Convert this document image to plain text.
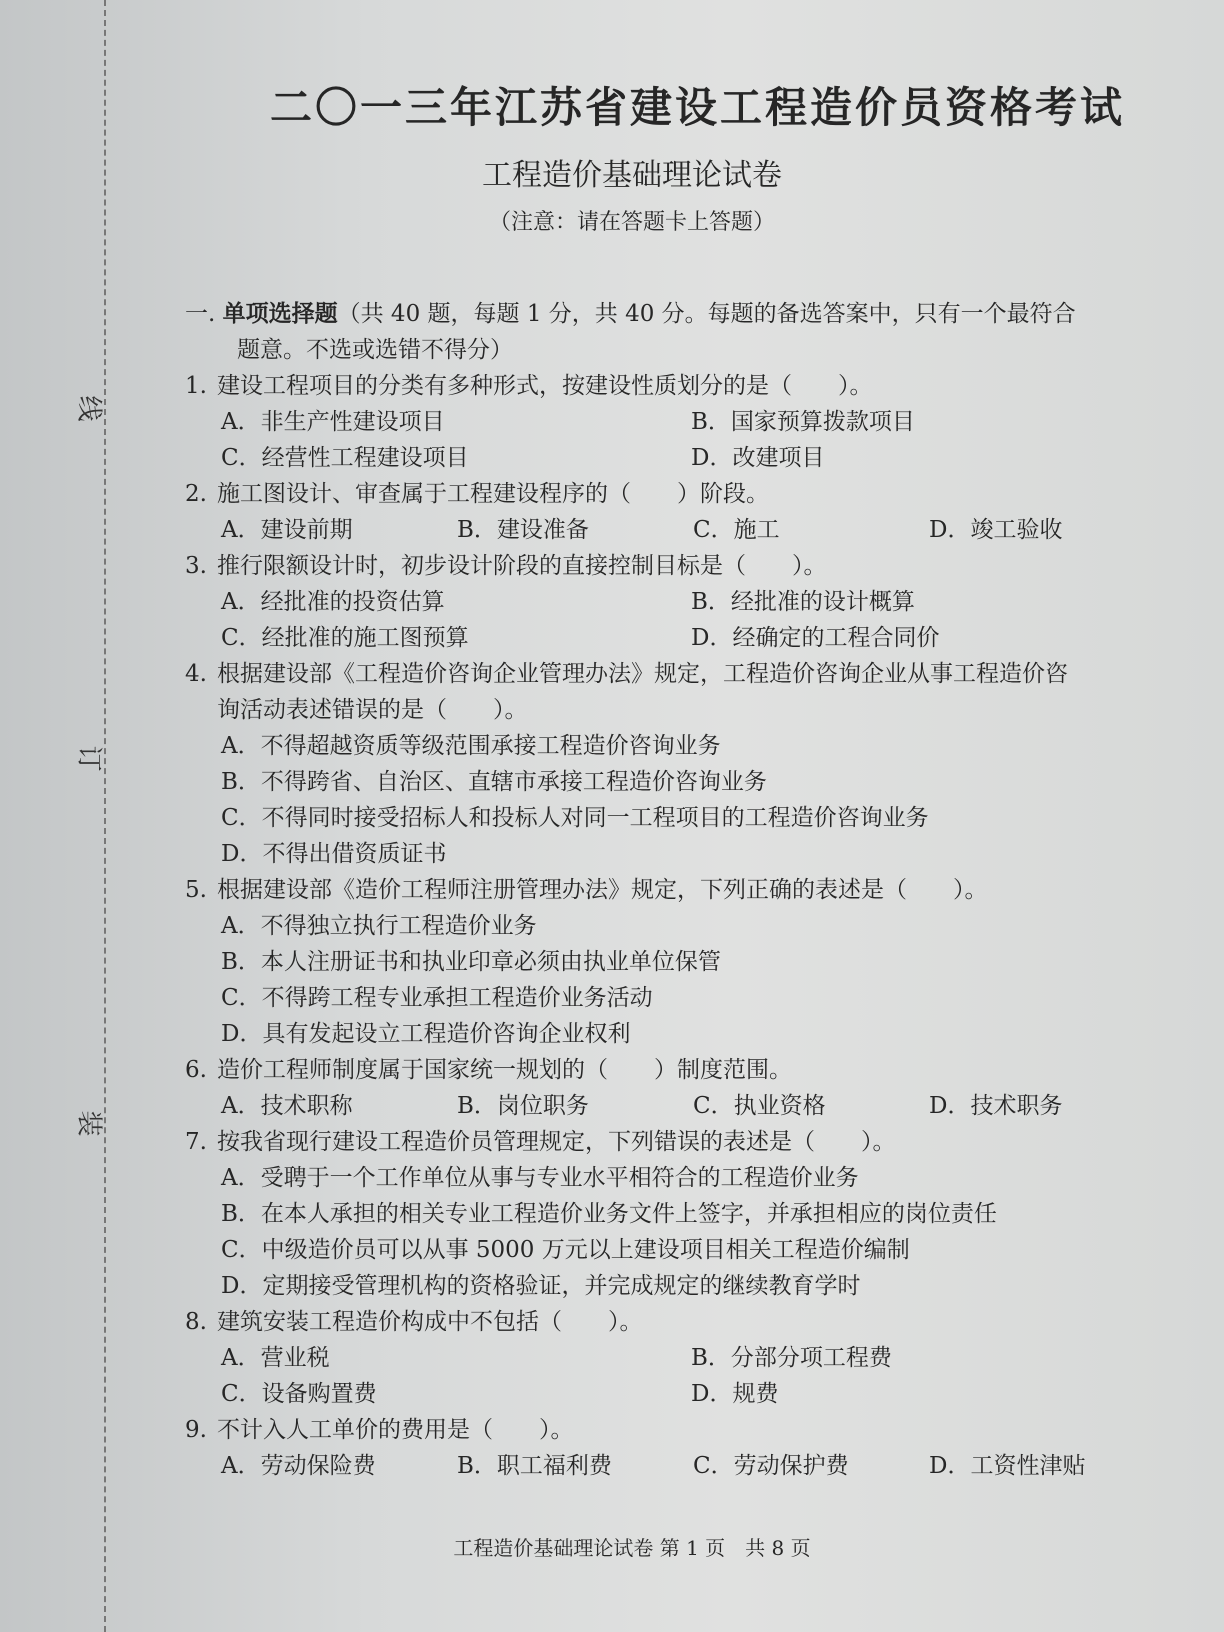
线
订
装
二〇一三年江苏省建设工程造价员资格考试
工程造价基础理论试卷
（注意：请在答题卡上答题）
一. 单项选择题（共 40 题，每题 1 分，共 40 分。每题的备选答案中，只有一个最符合
题意。不选或选错不得分）
1. 建设工程项目的分类有多种形式，按建设性质划分的是（　　）。
A．非生产性建设项目	B．国家预算拨款项目
C．经营性工程建设项目	D．改建项目
2. 施工图设计、审查属于工程建设程序的（　　）阶段。
A．建设前期	B．建设准备	C．施工	D．竣工验收
3. 推行限额设计时，初步设计阶段的直接控制目标是（　　）。
A．经批准的投资估算	B．经批准的设计概算
C．经批准的施工图预算	D．经确定的工程合同价
4. 根据建设部《工程造价咨询企业管理办法》规定，工程造价咨询企业从事工程造价咨
询活动表述错误的是（　　）。
A．不得超越资质等级范围承接工程造价咨询业务
B．不得跨省、自治区、直辖市承接工程造价咨询业务
C．不得同时接受招标人和投标人对同一工程项目的工程造价咨询业务
D．不得出借资质证书
5. 根据建设部《造价工程师注册管理办法》规定，下列正确的表述是（　　）。
A．不得独立执行工程造价业务
B．本人注册证书和执业印章必须由执业单位保管
C．不得跨工程专业承担工程造价业务活动
D．具有发起设立工程造价咨询企业权利
6. 造价工程师制度属于国家统一规划的（　　）制度范围。
A．技术职称	B．岗位职务	C．执业资格	D．技术职务
7. 按我省现行建设工程造价员管理规定，下列错误的表述是（　　）。
A．受聘于一个工作单位从事与专业水平相符合的工程造价业务
B．在本人承担的相关专业工程造价业务文件上签字，并承担相应的岗位责任
C．中级造价员可以从事 5000 万元以上建设项目相关工程造价编制
D．定期接受管理机构的资格验证，并完成规定的继续教育学时
8. 建筑安装工程造价构成中不包括（　　）。
A．营业税	B．分部分项工程费
C．设备购置费	D．规费
9. 不计入人工单价的费用是（　　）。
A．劳动保险费	B．职工福利费	C．劳动保护费	D．工资性津贴
工程造价基础理论试卷 第 1 页　共 8 页
